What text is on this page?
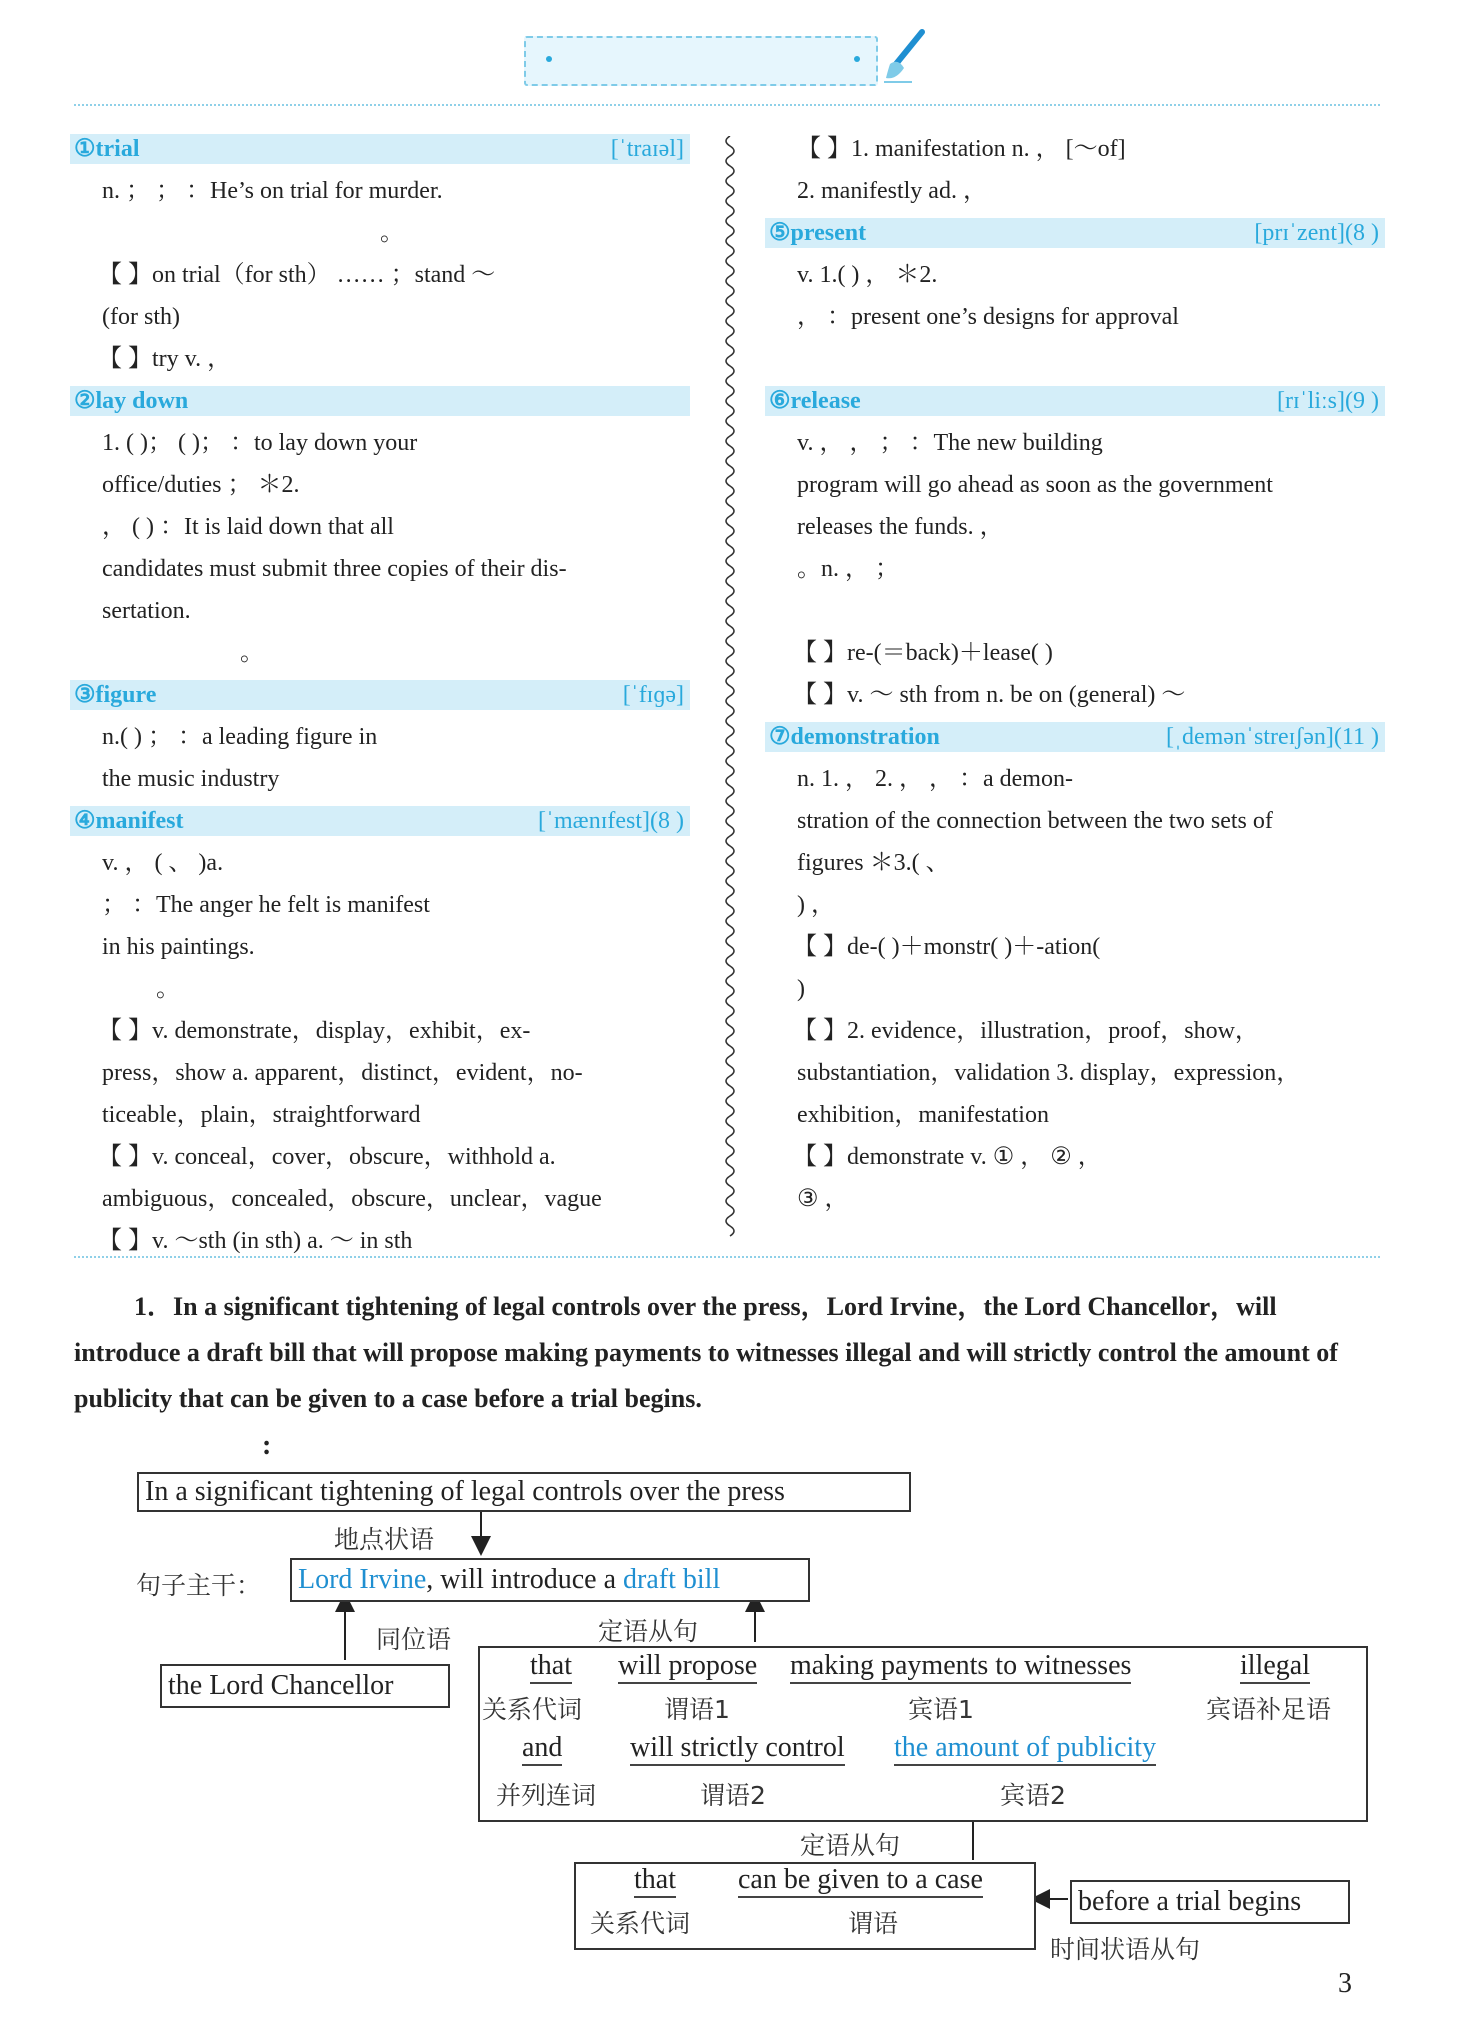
①trial	[ˈtraɪəl]
n. ； ； ：He’s on trial for murder.
。
【 】on trial（for sth） …… ；stand ～
(for sth)
【 】try v. ，
②lay down
1. ( )； ( )； ：to lay down your
office/duties ； ＊2.
， ( ) ：It is laid down that all
candidates must submit three copies of their dis-
sertation.
。
③figure	[ˈfɪɡə]
n.( ) ； ：a leading figure in
the music industry
④manifest	[ˈmænɪfest](8 )
v. ， ( 、 )a.
； ：The anger he felt is manifest
in his paintings.
。
【 】v. demonstrate，display，exhibit，ex-
press，show a. apparent，distinct，evident，no-
ticeable，plain，straightforward
【 】v. conceal，cover，obscure，withhold a.
ambiguous，concealed，obscure，unclear，vague
【 】v. ～sth (in sth) a. ～ in sth
【 】1. manifestation n. ， [～of]
2. manifestly ad. ，
⑤present	[prɪˈzent](8 )
v. 1.( ) ， ＊2.
， ：present one’s designs for approval
⑥release	[rɪˈliːs](9 )
v. ， ， ； ：The new building
program will go ahead as soon as the government
releases the funds. ，
。n. ， ；
【 】re-(＝back)＋lease( )
【 】v. ～ sth from n. be on (general) ～
⑦demonstration	[ˌdemənˈstreɪʃən](11 )
n. 1. ， 2. ， ， ：a demon-
stration of the connection between the two sets of
figures ＊3.( 、
) ，
【 】de-( )＋monstr( )＋-ation(
)
【 】2. evidence，illustration，proof，show，
substantiation，validation 3. display，expression，
exhibition，manifestation
【 】demonstrate v. ① ， ② ，
③ ，
1．In a significant tightening of legal controls over the press，Lord Irvine，the Lord Chancellor，will introduce a draft bill that will propose making payments to witnesses illegal and will strictly control the amount of publicity that can be given to a case before a trial begins.
:
In a significant tightening of legal controls over the press
地点状语
句子主干： Lord Irvine, will introduce a draft bill
同位语	定语从句
the Lord Chancellor
that
关系代词
will propose
谓语1
making payments to witnesses
宾语1
illegal
宾语补足语
and
并列连词
will strictly control
谓语2
the amount of publicity
宾语2
定语从句
that
关系代词
can be given to a case
谓语
before a trial begins
时间状语从句
3
